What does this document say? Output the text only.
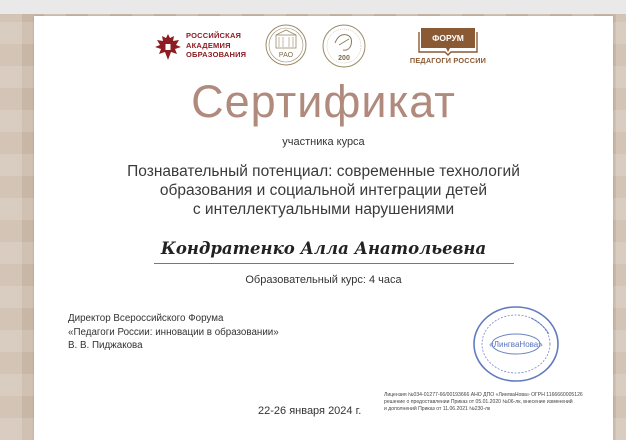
РОССИЙСКАЯ
АКАДЕМИЯ
ОБРАЗОВАНИЯ	РАО	200
ФОРУМ
ПЕДАГОГИ РОССИИ
Сертификат
участника курса
Познавательный потенциал: современные технологий
образования и социальной интеграции детей
с интеллектуальными нарушениями
Кондратенко Алла Анатольевна
Образовательный курс: 4 часа
Директор Всероссийского Форума
«Педагоги России: инновации в образовании»
В. В. Пиджакова	«ЛингваНова»
Лицензия №034-01277-66/00193666 АНО ДПО «ЛингваНова» ОГРН 1166660005126
решение о предоставлении Приказ от 05.01.2020 №06-лк, внесение изменений
и дополнений Приказ от 11.06.2021 №230-лк
22-26 января 2024 г.
